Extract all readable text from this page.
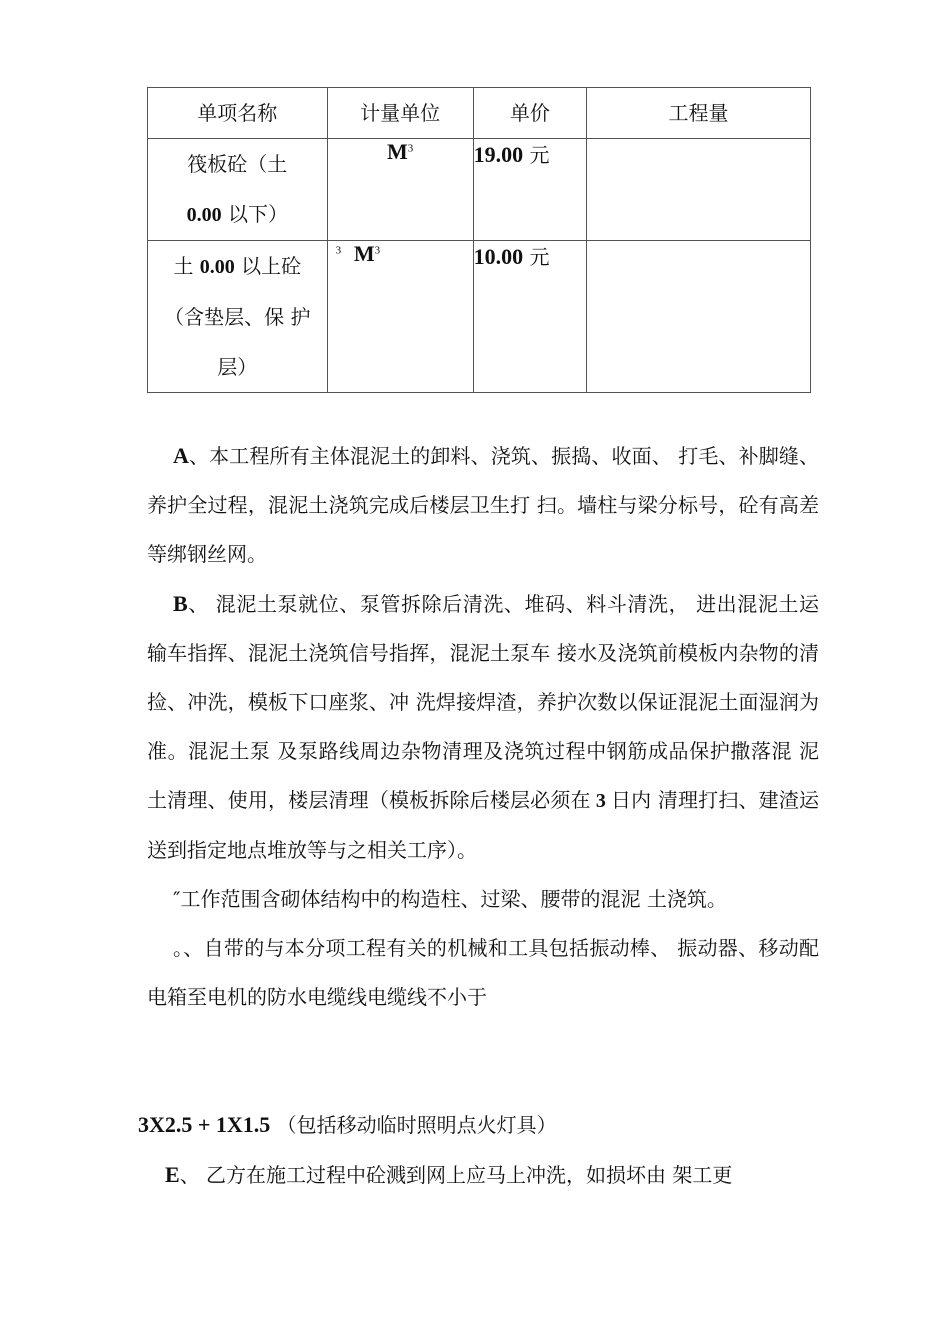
单项名称	计量单位	单价	工程量

筏板砼（土
0.00 以下）	$M^3$	19.00 元	

土 0.00 以上砼
（含垫层、保 护
层）	$^3$ $M^3$	10.00 元	

A、本工程所有主体混泥土的卸料、浇筑、振捣、收面、 打毛、补脚缝、养护全过程，混泥土浇筑完成后楼层卫生打 扫。墙柱与梁分标号，砼有高差等绑钢丝网。

B、 混泥土泵就位、泵管拆除后清洗、堆码、料斗清洗， 进出混泥土运输车指挥、混泥土浇筑信号指挥，混泥土泵车 接水及浇筑前模板内杂物的清捡、冲洗，模板下口座浆、冲 洗焊接焊渣，养护次数以保证混泥土面湿润为准。混泥土泵 及泵路线周边杂物清理及浇筑过程中钢筋成品保护撒落混 泥土清理、使用，楼层清理（模板拆除后楼层必须在 3 日内 清理打扫、建渣运送到指定地点堆放等与之相关工序）。

″工作范围含砌体结构中的构造柱、过梁、腰带的混泥 土浇筑。

。、自带的与本分项工程有关的机械和工具包括振动棒、 振动器、移动配电箱至电机的防水电缆线电缆线不小于

3X2.5 + 1X1.5 （包括移动临时照明点火灯具）
E、 乙方在施工过程中砼溅到网上应马上冲洗，如损坏由 架工更
